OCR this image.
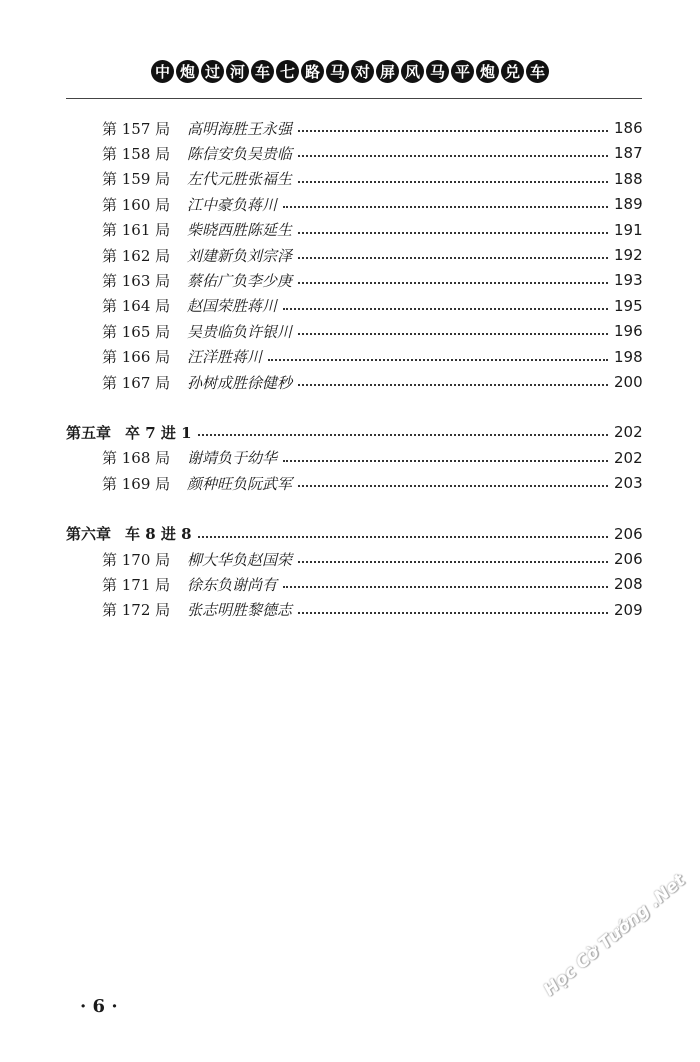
中 炮 过 河 车 七 路 马 对 屏 风 马 平 炮 兑 车
第 157 局	高明海胜王永强	186
第 158 局	陈信安负吴贵临	187
第 159 局	左代元胜张福生	188
第 160 局	江中豪负蒋川	189
第 161 局	柴晓西胜陈延生	191
第 162 局	刘建新负刘宗泽	192
第 163 局	蔡佑广负李少庚	193
第 164 局	赵国荣胜蒋川	195
第 165 局	吴贵临负许银川	196
第 166 局	汪洋胜蒋川	198
第 167 局	孙树成胜徐健秒	200
第五章 卒 7 进 1	202
第 168 局	谢靖负于幼华	202
第 169 局	颜种旺负阮武军	203
第六章 车 8 进 8	206
第 170 局	柳大华负赵国荣	206
第 171 局	徐东负谢尚有	208
第 172 局	张志明胜黎德志	209
· 6 ·
Học Cờ Tướng .Net
